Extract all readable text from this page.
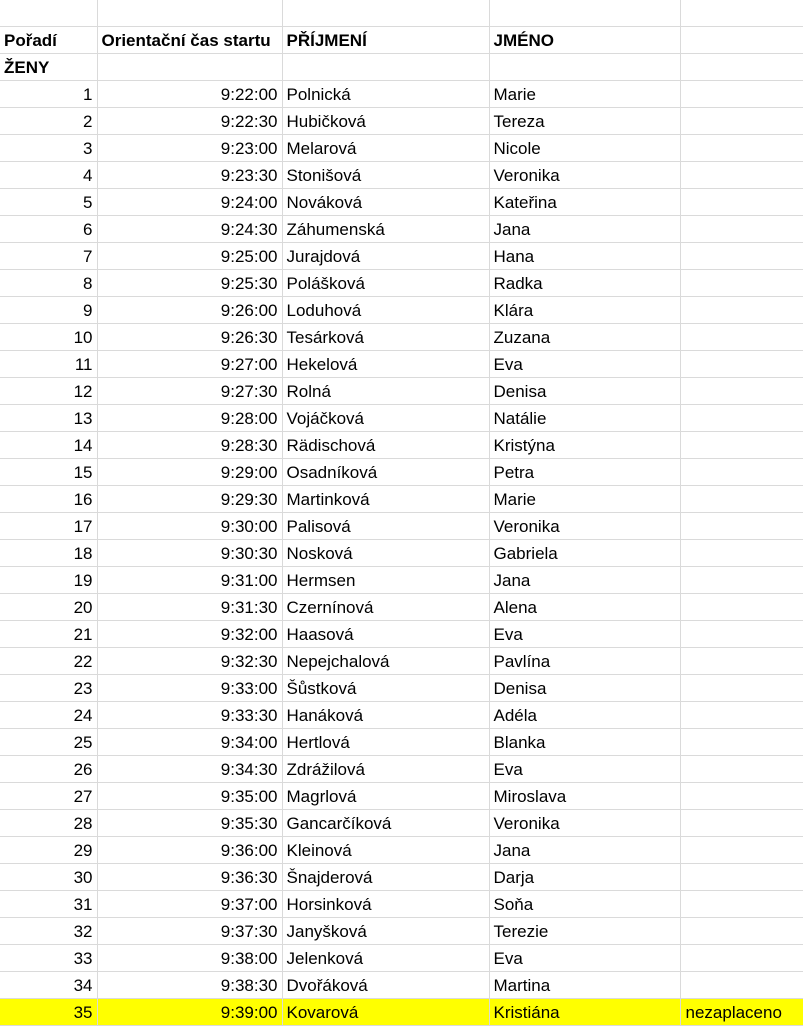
Pořadí	Orientační čas startu	PŘÍJMENÍ	JMÉNO	
ŽENY				
1	9:22:00	Polnická	Marie	
2	9:22:30	Hubičková	Tereza	
3	9:23:00	Melarová	Nicole	
4	9:23:30	Stonišová	Veronika	
5	9:24:00	Nováková	Kateřina	
6	9:24:30	Záhumenská	Jana	
7	9:25:00	Jurajdová	Hana	
8	9:25:30	Polášková	Radka	
9	9:26:00	Loduhová	Klára	
10	9:26:30	Tesárková	Zuzana	
11	9:27:00	Hekelová	Eva	
12	9:27:30	Rolná	Denisa	
13	9:28:00	Vojáčková	Natálie	
14	9:28:30	Rädischová	Kristýna	
15	9:29:00	Osadníková	Petra	
16	9:29:30	Martinková	Marie	
17	9:30:00	Palisová	Veronika	
18	9:30:30	Nosková	Gabriela	
19	9:31:00	Hermsen	Jana	
20	9:31:30	Czernínová	Alena	
21	9:32:00	Haasová	Eva	
22	9:32:30	Nepejchalová	Pavlína	
23	9:33:00	Šůstková	Denisa	
24	9:33:30	Hanáková	Adéla	
25	9:34:00	Hertlová	Blanka	
26	9:34:30	Zdrážilová	Eva	
27	9:35:00	Magrlová	Miroslava	
28	9:35:30	Gancarčíková	Veronika	
29	9:36:00	Kleinová	Jana	
30	9:36:30	Šnajderová	Darja	
31	9:37:00	Horsinková	Soňa	
32	9:37:30	Janyšková	Terezie	
33	9:38:00	Jelenková	Eva	
34	9:38:30	Dvořáková	Martina	
35	9:39:00	Kovarová	Kristiána	nezaplaceno
